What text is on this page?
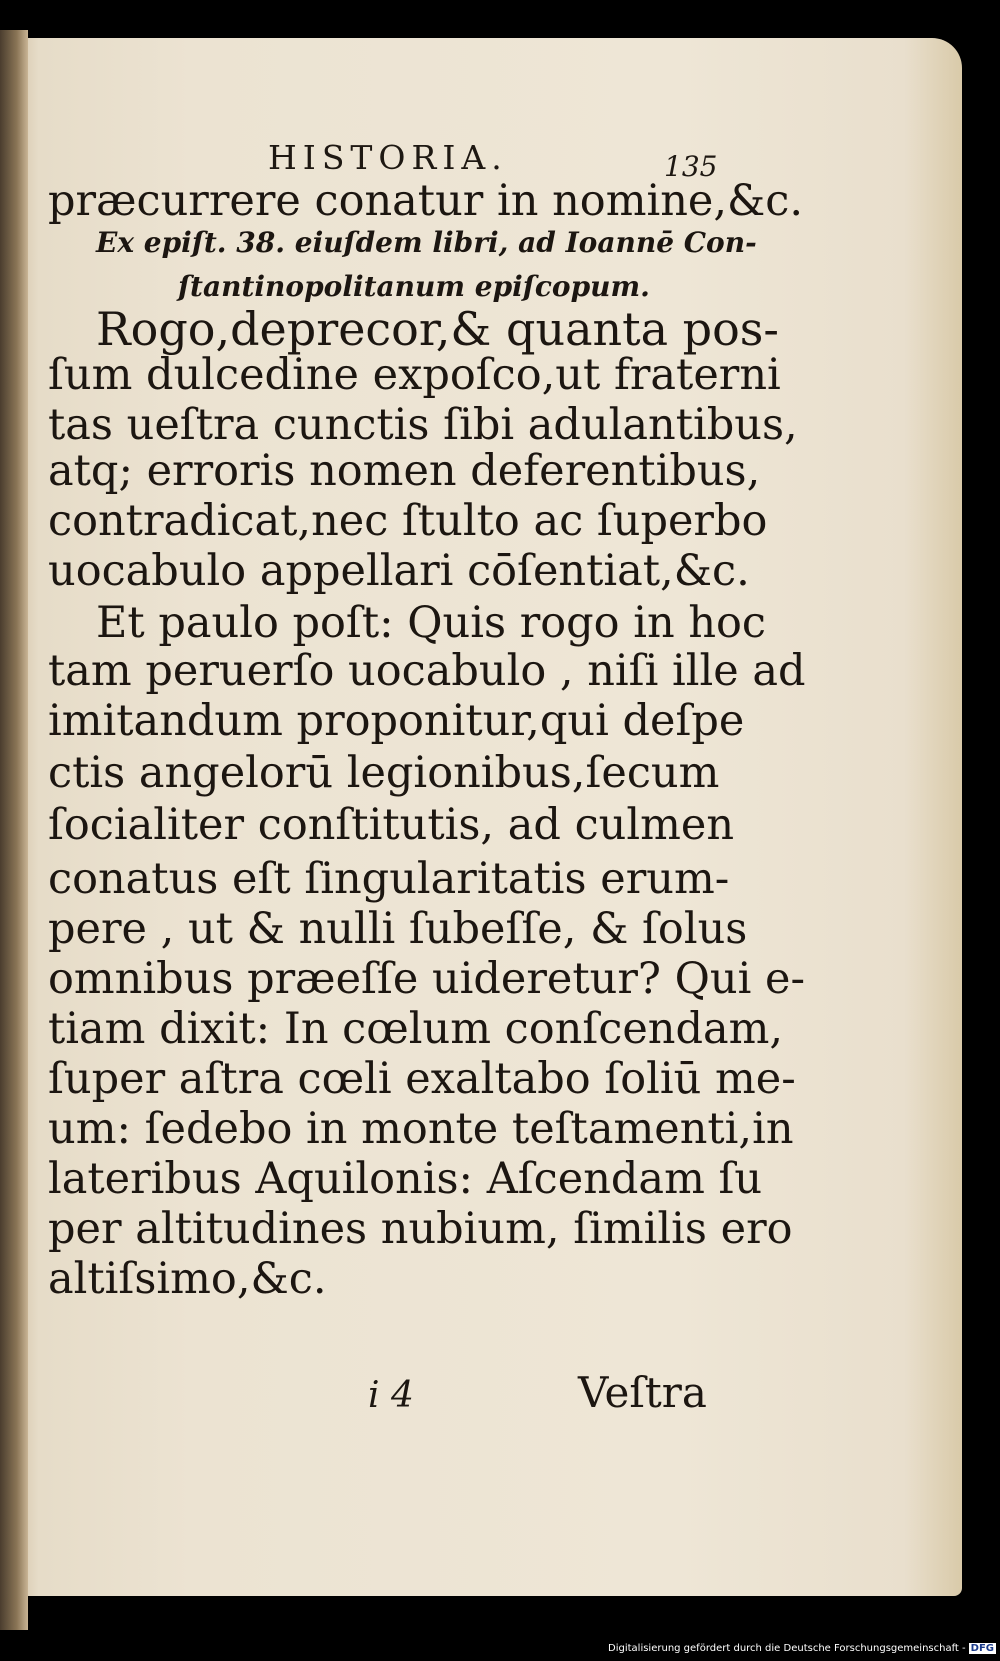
HISTORIA.	135
præcurrere conatur in nomine,&c.
Ex epiſt. 38. eiuſdem libri, ad Ioannē Con-
ſtantinopolitanum epiſcopum.
Rogo,deprecor,& quanta pos-
ſum dulcedine expoſco,ut fraterni
tas ueſtra cunctis ſibi adulantibus,
atq; erroris nomen deferentibus,
contradicat,nec ſtulto ac ſuperbo
uocabulo appellari cōſentiat,&c.
Et paulo poſt: Quis rogo in hoc
tam peruerſo uocabulo , niſi ille ad
imitandum proponitur,qui deſpe
ctis angelorū legionibus,ſecum
ſocialiter conſtitutis, ad culmen
conatus eſt ſingularitatis erum-
pere , ut & nulli ſubeſſe, & ſolus
omnibus præeſſe uideretur? Qui e-
tiam dixit: In cœlum conſcendam,
ſuper aſtra cœli exaltabo ſoliū me-
um: ſedebo in monte teſtamenti,in
lateribus Aquilonis: Aſcendam ſu
per altitudines nubium, ſimilis ero
altiſsimo,&c.
i 4	Veſtra
Digitalisierung gefördert durch die Deutsche Forschungsgemeinschaft - DFG
